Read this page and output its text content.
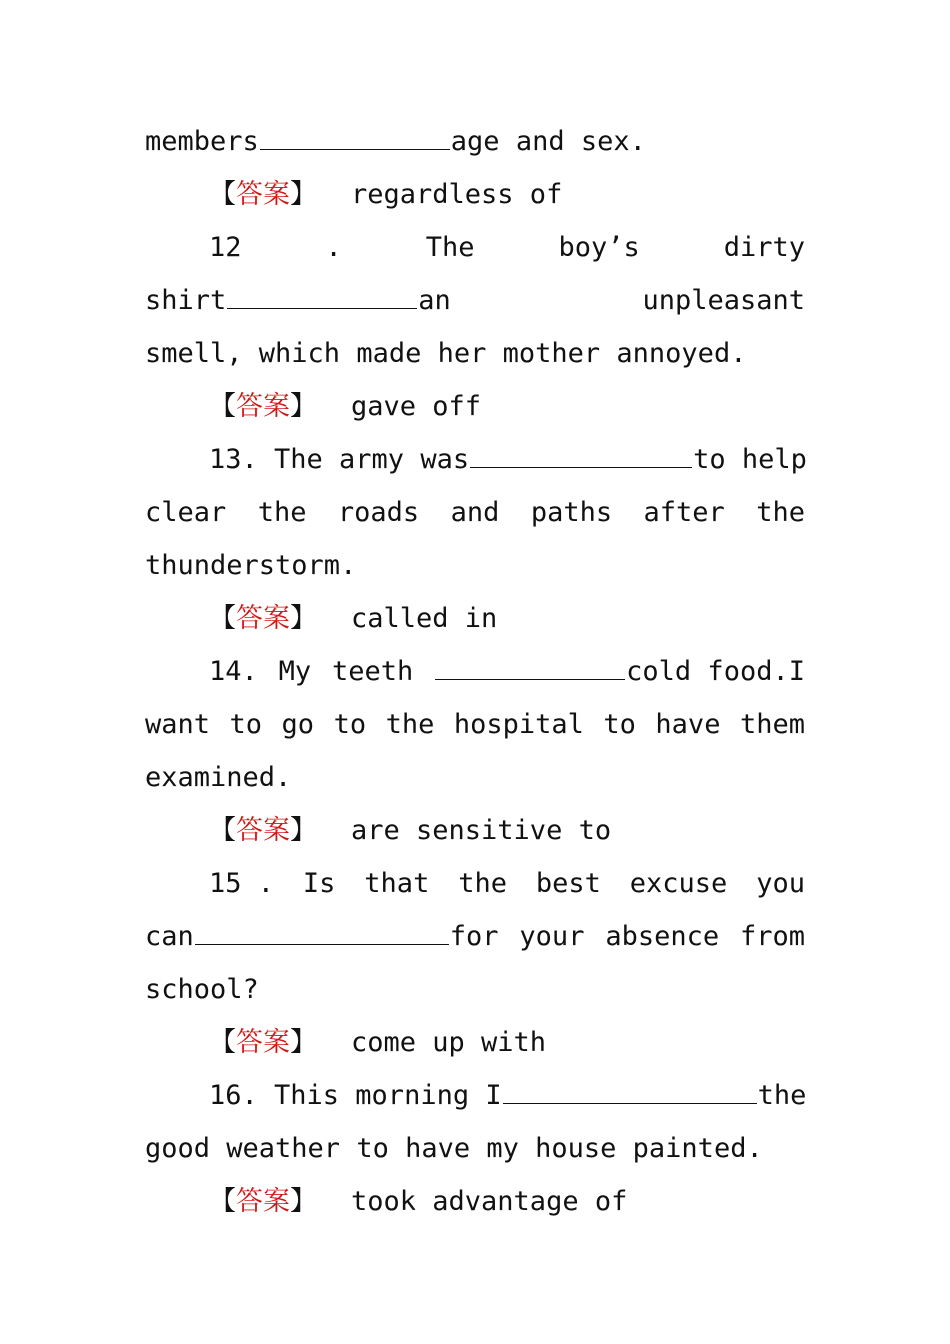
members	age and sex.
【答案】 regardless of
12	.	The	boy’s	dirty
shirt	an	unpleasant
smell, which made her mother annoyed.
【答案】 gave off
13. The army was	to help
clear the roads and paths after the
thunderstorm.
【答案】 called in
14. My teeth	cold food.I
want to go to the hospital to have them
examined.
【答案】 are sensitive to
15 . Is that the best excuse you
can	for your absence from
school?
【答案】 come up with
16. This morning I	the
good weather to have my house painted.
【答案】 took advantage of
